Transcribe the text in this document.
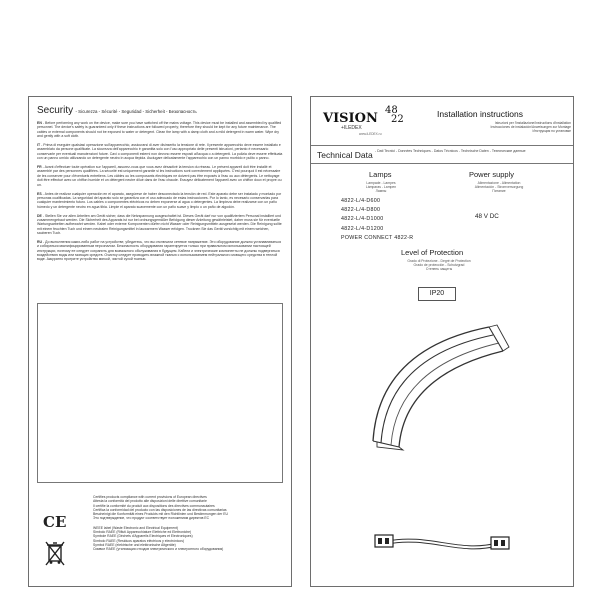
Security - Sicurezza - Sécurité - Seguridad - Sicherheit - Безопасность
EN - Before performing any work on the device, make sure you have switched off the mains voltage. This device must be installed and assembled by qualified personnel. The device's safety is guaranteed only if these instructions are followed properly; therefore they should be kept for any future maintenance. The cables or external components should not be exposed to water or detergent. Clean the lamp with a damp cloth and a mild detergent in warm water. Wipe dry and gently with a soft cloth.
IT - Prima di eseguire qualsiasi operazione sull'apparecchio, assicurarsi di aver disinserito la tensione di rete. Il presente apparecchio deve essere installato e assemblato da persone qualificate. La sicurezza dell'apparecchio è garantita solo con l'uso appropriato delle presenti istruzioni, pertanto è necessario conservarle per eventuali manutenzioni future. Cavi o componenti esterni non devono essere esposti all'acqua o a detergenti. La pulizia deve essere effettuata con un panno umido utilizzando un detergente neutro in acqua tiepida. Asciugare delicatamente l'apparecchio con un panno morbido e pulito o panno.
FR - Avant d'effectuer toute opération sur l'appareil, assurez-vous que vous avez désactivé la tension du réseau. Le présent appareil doit être installé et assemblé par des personnes qualifiées. La sécurité est uniquement garantie si les instructions sont correctement appliquées. C'est pourquoi il est nécessaire de les conserver pour d'éventuels entretiens. Les câbles ou les composants électriques ne doivent pas être exposés à l'eau ou aux détergents. Le nettoyage doit être effectué avec un chiffon humide et un détergent neutre dilué dans de l'eau chaude. Essuyez délicatement l'appareil avec un chiffon doux et propre ou un.
ES - Antes de realizar cualquier operación en el aparato, asegúrese de haber desconectado la tensión de red. Este aparato debe ser instalado y montado por personas cualificadas. La seguridad del aparato solo se garantiza con el uso adecuado de estas instrucciones. Por lo tanto, es necesario conservarlas para cualquier mantenimiento futuro. Los cables o componentes eléctricos no deben exponerse al agua o detergentes. La limpieza debe realizarse con un paño húmedo y un detergente neutro en agua tibia. Limpie el aparato suavemente con un paño suave y limpio o un paño de algodón.
DE - Stellen Sie vor allen Arbeiten am Gerät sicher, dass die Netzspannung ausgeschaltet ist. Dieses Gerät darf nur von qualifiziertem Personal installiert und zusammengebaut werden. Die Sicherheit des Apparats ist nur bei ordnungsgemäßer Befolgung dieser Anleitung gewährleistet, daher muss sie für eventuelle Wartungsarbeiten aufbewahrt werden. Kabel oder externe Komponenten dürfen nicht Wasser oder Reinigungsmitteln ausgesetzt werden. Die Reinigung sollte mit einem feuchten Tuch und einem neutralen Reinigungsmittel in lauwarmem Wasser erfolgen. Trocknen Sie das Gerät vorsichtig mit einem weichen, sauberen Tuch.
RU - До выполнения каких-либо работ на устройстве, убедитесь, что вы отключили сетевое напряжение. Это оборудование должно устанавливаться и собираться квалифицированным персоналом. Безопасность оборудования гарантируется только при правильном использовании настоящей инструкции, поэтому ее следует сохранить для возможного обслуживания в будущем. Кабели и электрические компоненты не должны подвергаться воздействию воды или моющих средств. Очистку следует проводить влажной тканью с использованием нейтрального моющего средства в теплой воде. Аккуратно протрите устройство мягкой, чистой сухой тканью.
CE

Certifies products compliance with current provisions of European directives

Attesta la conformità del prodotto alle disposizioni delle direttive comunitarie

Il certifie la conformité du produit aux dispositions des directives communautaires

Certifica la conformidad del producto con las disposiciones de las directivas comunitarias

Bescheinigt die Konformität eines Produkts mit den Richtlinien und Bestimmungen der EU

Это подтверждение, что продукт соответствует положениям директив ЕС

WEEE label (Waste Electronic and Electrical Equipment)

Simbolo RAEE (Rifiuti Apparecchiature Elettriche ed Elettroniche)

Symbole RAEE (Déchets d'Appareils Electriques et Electroniques)

Símbolo RAEE (Residuos aparatos eléctricos y electrónicos)

Symbol RAEE (elektrische und elektronische Altgeräte)

Символ RAEE (утилизация отходов электрического и электронного оборудования)

VISION
48
22
+ILEDEX
www.iLEDEX.ru
Installation instructions
Istruzioni per l'installazione/Instructions d'installation
Instrucciones de instalación/Anweisungen zur Montage
Инструкция по установке
Technical Data - Dati Tecnici - Données Techniques - Datos Técnicos - Technische Daten - Технические данные
Lamps
Lampade - Lampes
Lámparas - Lampen
Лампы
Power supply
Alimentazione - Alimentation
Alimentación - Stromversorgung
Питание
4822-L/4-D600
4822-L/4-D800
4822-L/4-D1000
4822-L/4-D1200
POWER CONNECT 4822-R
48 V DC
Level of Protection
Grado di Protezione - Degré de Protection
Grado de protección - Schutzgrad
Степень защиты
IP20
